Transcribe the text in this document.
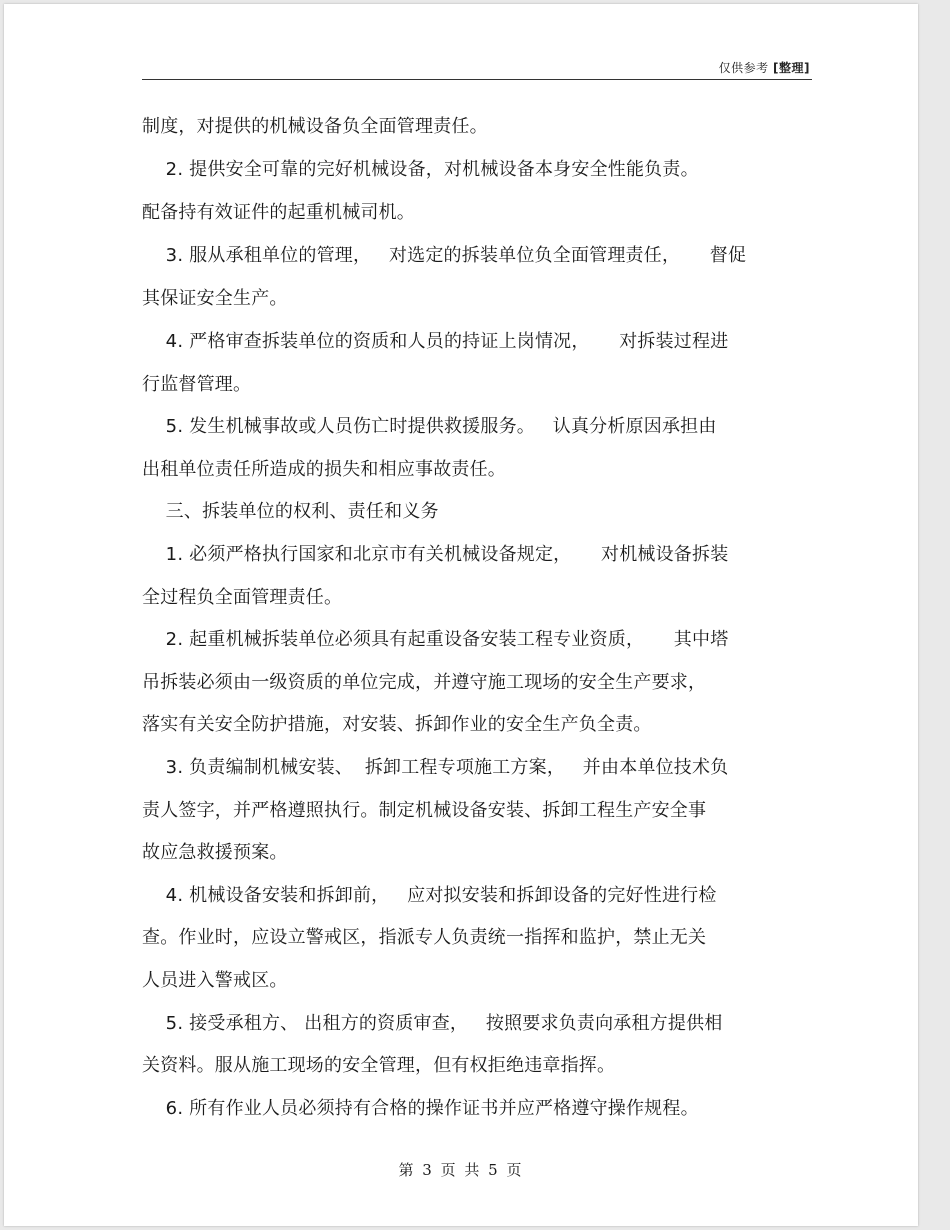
仅供参考 [整理]

制度，对提供的机械设备负全面管理责任。

2. 提供安全可靠的完好机械设备，对机械设备本身安全性能负责。

配备持有效证件的起重机械司机。

3. 服从承租单位的管理，   对选定的拆装单位负全面管理责任，     督促

其保证安全生产。

4. 严格审查拆装单位的资质和人员的持证上岗情况，     对拆装过程进

行监督管理。

5. 发生机械事故或人员伤亡时提供救援服务。   认真分析原因承担由

出租单位责任所造成的损失和相应事故责任。

三、拆装单位的权利、责任和义务

1. 必须严格执行国家和北京市有关机械设备规定，     对机械设备拆装

全过程负全面管理责任。

2. 起重机械拆装单位必须具有起重设备安装工程专业资质，     其中塔

吊拆装必须由一级资质的单位完成，并遵守施工现场的安全生产要求，

落实有关安全防护措施，对安装、拆卸作业的安全生产负全责。

3. 负责编制机械安装、  拆卸工程专项施工方案，   并由本单位技术负

责人签字，并严格遵照执行。制定机械设备安装、拆卸工程生产安全事

故应急救援预案。

4. 机械设备安装和拆卸前，   应对拟安装和拆卸设备的完好性进行检

查。作业时，应设立警戒区，指派专人负责统一指挥和监护，禁止无关

人员进入警戒区。

5. 接受承租方、 出租方的资质审查，   按照要求负责向承租方提供相

关资料。服从施工现场的安全管理，但有权拒绝违章指挥。

6. 所有作业人员必须持有合格的操作证书并应严格遵守操作规程。

第 3 页 共 5 页
